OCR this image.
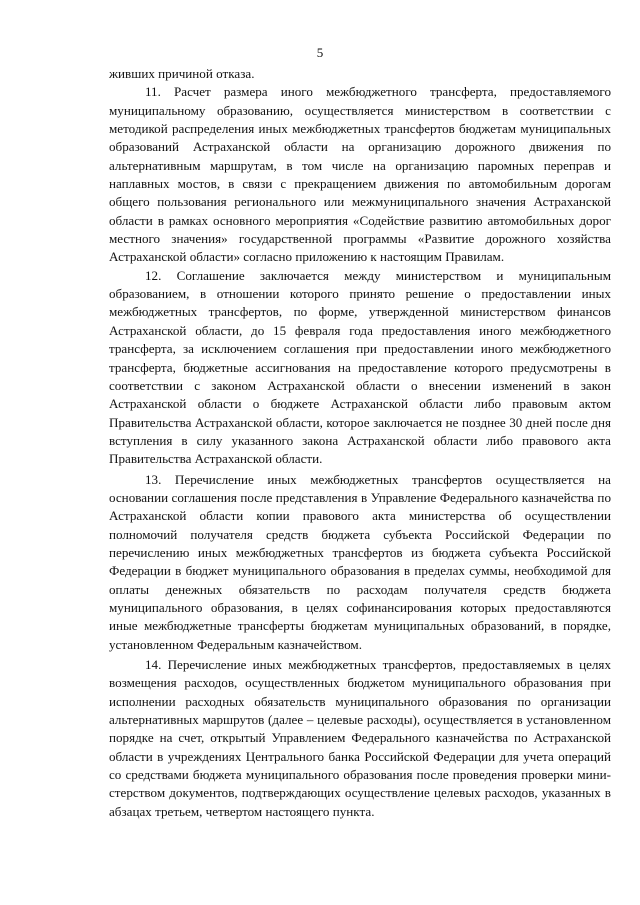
5

живших причиной отказа.

11. Расчет размера иного межбюджетного трансферта, предоставляемого муниципальному образованию, осуществляется министерством в соответствии с методикой распределения иных межбюджетных трансфертов бюджетам муниципальных образований Астраханской области на организацию дорожного движения по альтернативным маршрутам, в том числе на организацию паромных переправ и наплавных мостов, в связи с прекращением движения по автомобильным дорогам общего пользования регионального или межмуниципального значения Астраханской области в рамках основного мероприятия «Содействие развитию автомобильных дорог местного значения» государственной программы «Развитие дорожного хозяйства Астраханской области» согласно приложению к настоящим Правилам.

12. Соглашение заключается между министерством и муниципальным образованием, в отношении которого принято решение о предоставлении иных межбюджетных трансфертов, по форме, утвержденной министерством финансов Астраханской области, до 15 февраля года предоставления иного межбюджетного трансферта, за исключением соглашения при предоставлении иного межбюджетного трансферта, бюджетные ассигнования на предоставление которого предусмотрены в соответствии с законом Астраханской области о внесении изменений в закон Астраханской области о бюджете Астраханской области либо правовым актом Правительства Астраханской области, которое заключается не позднее 30 дней после дня вступления в силу указанного закона Астраханской области либо правового акта Правительства Астраханской области.

13. Перечисление иных межбюджетных трансфертов осуществляется на основании соглашения после представления в Управление Федерального казначейства по Астраханской области копии правового акта министерства об осуществлении полномочий получателя средств бюджета субъекта Российской Федерации по перечислению иных межбюджетных трансфертов из бюджета субъекта Российской Федерации в бюджет муниципального образования в пределах суммы, необходимой для оплаты денежных обязательств по расходам получателя средств бюджета муниципального образования, в целях софинансирования которых предоставляются иные межбюджетные трансферты бюджетам муниципальных образований, в порядке, установленном Федеральным казначейством.

14. Перечисление иных межбюджетных трансфертов, предоставляемых в целях возмещения расходов, осуществленных бюджетом муниципального образования при исполнении расходных обязательств муниципального образования по организации альтернативных маршрутов (далее – целевые расходы), осуществляется в установленном порядке на счет, открытый Управлением Федерального казначейства по Астраханской области в учреждениях Центрального банка Российской Федерации для учета операций со средствами бюджета муниципального образования после проведения проверки министерством документов, подтверждающих осуществление целевых расходов, указанных в абзацах третьем, четвертом настоящего пункта.
